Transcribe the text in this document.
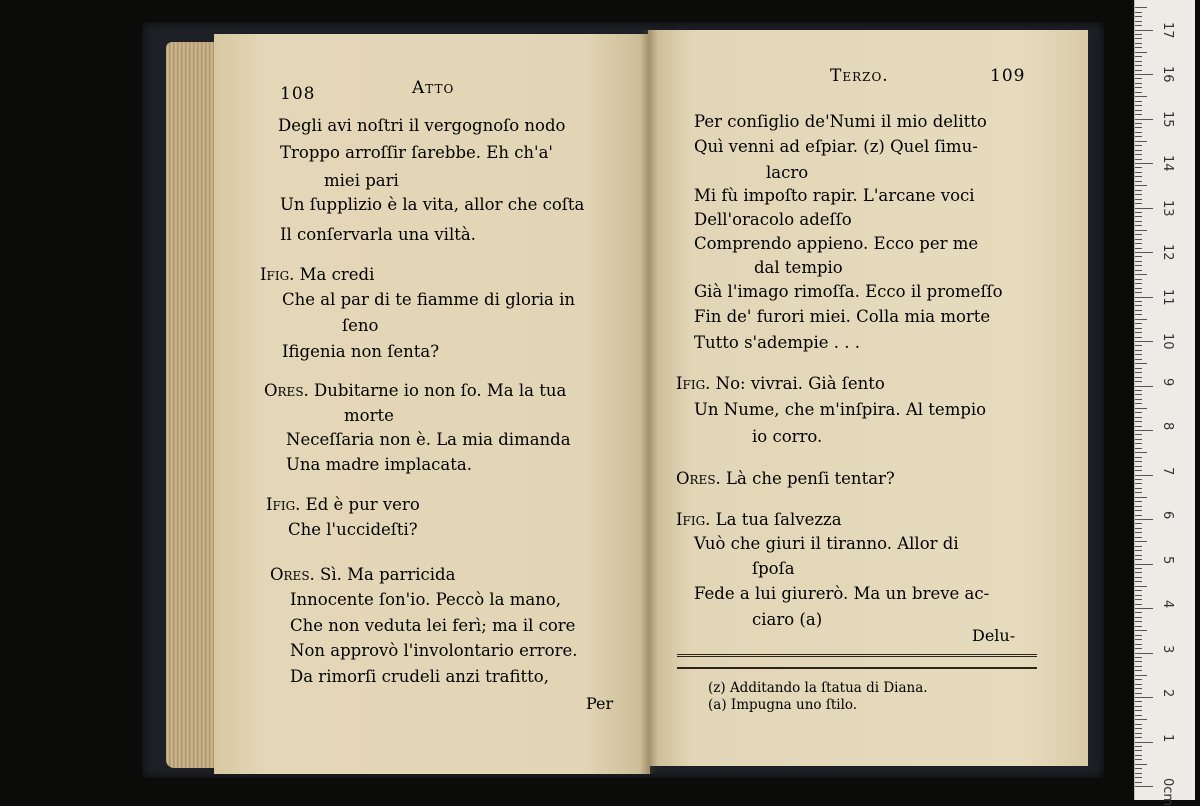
108	Atto
Degli avi noſtri il vergognoſo nodo
Troppo arroſſir ſarebbe. Eh ch'a'
miei pari
Un ſupplizio è la vita, allor che coſta
Il conſervarla una viltà.
Ifig. Ma credi
Che al par di te fiamme di gloria in
ſeno
Ifigenia non ſenta?
Ores. Dubitarne io non ſo. Ma la tua
morte
Neceſſaria non è. La mia dimanda
Una madre implacata.
Ifig. Ed è pur vero
Che l'uccideſti?
Ores. Sì. Ma parricida
Innocente ſon'io. Peccò la mano,
Che non veduta lei ferì; ma il core
Non approvò l'involontario errore.
Da rimorſi crudeli anzi trafitto,
Per
Terzo.	109
Per conſiglio de'Numi il mio delitto
Quì venni ad eſpiar. (z) Quel ſimu-
lacro
Mi fù impoſto rapir. L'arcane voci
Dell'oracolo adeſſo
Comprendo appieno. Ecco per me
dal tempio
Già l'imago rimoſſa. Ecco il promeſſo
Fin de' furori miei. Colla mia morte
Tutto s'adempie . . .
Ifig. No: vivrai. Già ſento
Un Nume, che m'inſpira. Al tempio
io corro.
Ores. Là che penſi tentar?
Ifig. La tua ſalvezza
Vuò che giuri il tiranno. Allor di
ſpoſa
Fede a lui giurerò. Ma un breve ac-
ciaro (a)
Delu-
(z) Additando la ſtatua di Diana.
(a) Impugna uno ſtilo.
0cm
1
2
3
4
5
6
7
8
9
10
11
12
13
14
15
16
17
